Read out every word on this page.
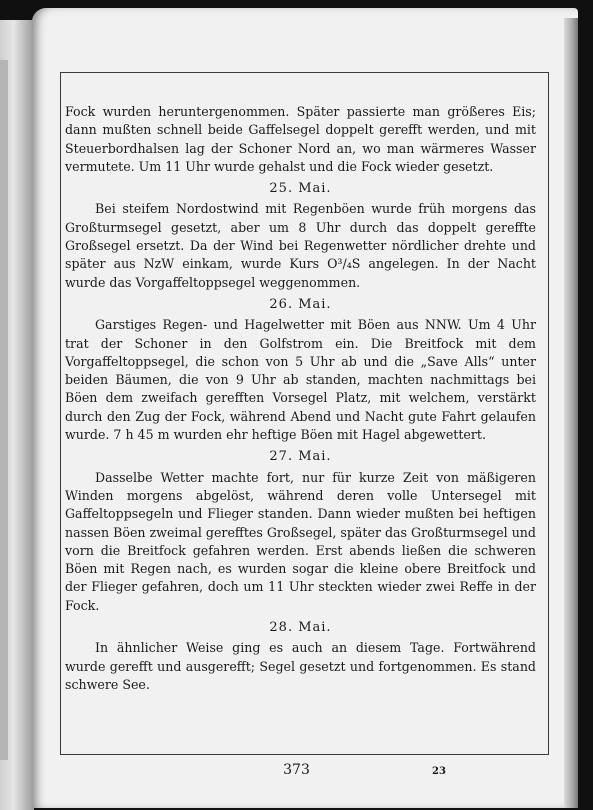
Fock wurden heruntergenommen. Später passierte man größeres Eis; dann mußten schnell beide Gaffelsegel doppelt gerefft werden, und mit Steuerbordhalsen lag der Schoner Nord an, wo man wärmeres Wasser vermutete. Um 11 Uhr wurde gehalst und die Fock wieder gesetzt.

25. Mai.

Bei steifem Nordostwind mit Regenböen wurde früh morgens das Großturmsegel gesetzt, aber um 8 Uhr durch das doppelt gereffte Großsegel ersetzt. Da der Wind bei Regenwetter nördlicher drehte und später aus NzW einkam, wurde Kurs O³/₄S angelegen. In der Nacht wurde das Vorgaffeltoppsegel weggenommen.

26. Mai.

Garstiges Regen- und Hagelwetter mit Böen aus NNW. Um 4 Uhr trat der Schoner in den Golfstrom ein. Die Breitfock mit dem Vorgaffeltoppsegel, die schon von 5 Uhr ab und die „Save Alls“ unter beiden Bäumen, die von 9 Uhr ab standen, machten nachmittags bei Böen dem zweifach gerefften Vorsegel Platz, mit welchem, verstärkt durch den Zug der Fock, während Abend und Nacht gute Fahrt gelaufen wurde. 7 h 45 m wurden ehr heftige Böen mit Hagel abgewettert.

27. Mai.

Dasselbe Wetter machte fort, nur für kurze Zeit von mäßigeren Winden morgens abgelöst, während deren volle Untersegel mit Gaffeltoppsegeln und Flieger standen. Dann wieder mußten bei heftigen nassen Böen zweimal gerefftes Großsegel, später das Großturmsegel und vorn die Breitfock gefahren werden. Erst abends ließen die schweren Böen mit Regen nach, es wurden sogar die kleine obere Breitfock und der Flieger gefahren, doch um 11 Uhr steckten wieder zwei Reffe in der Fock.

28. Mai.

In ähnlicher Weise ging es auch an diesem Tage. Fortwährend wurde gerefft und ausgerefft; Segel gesetzt und fortgenommen. Es stand schwere See.

373	23
